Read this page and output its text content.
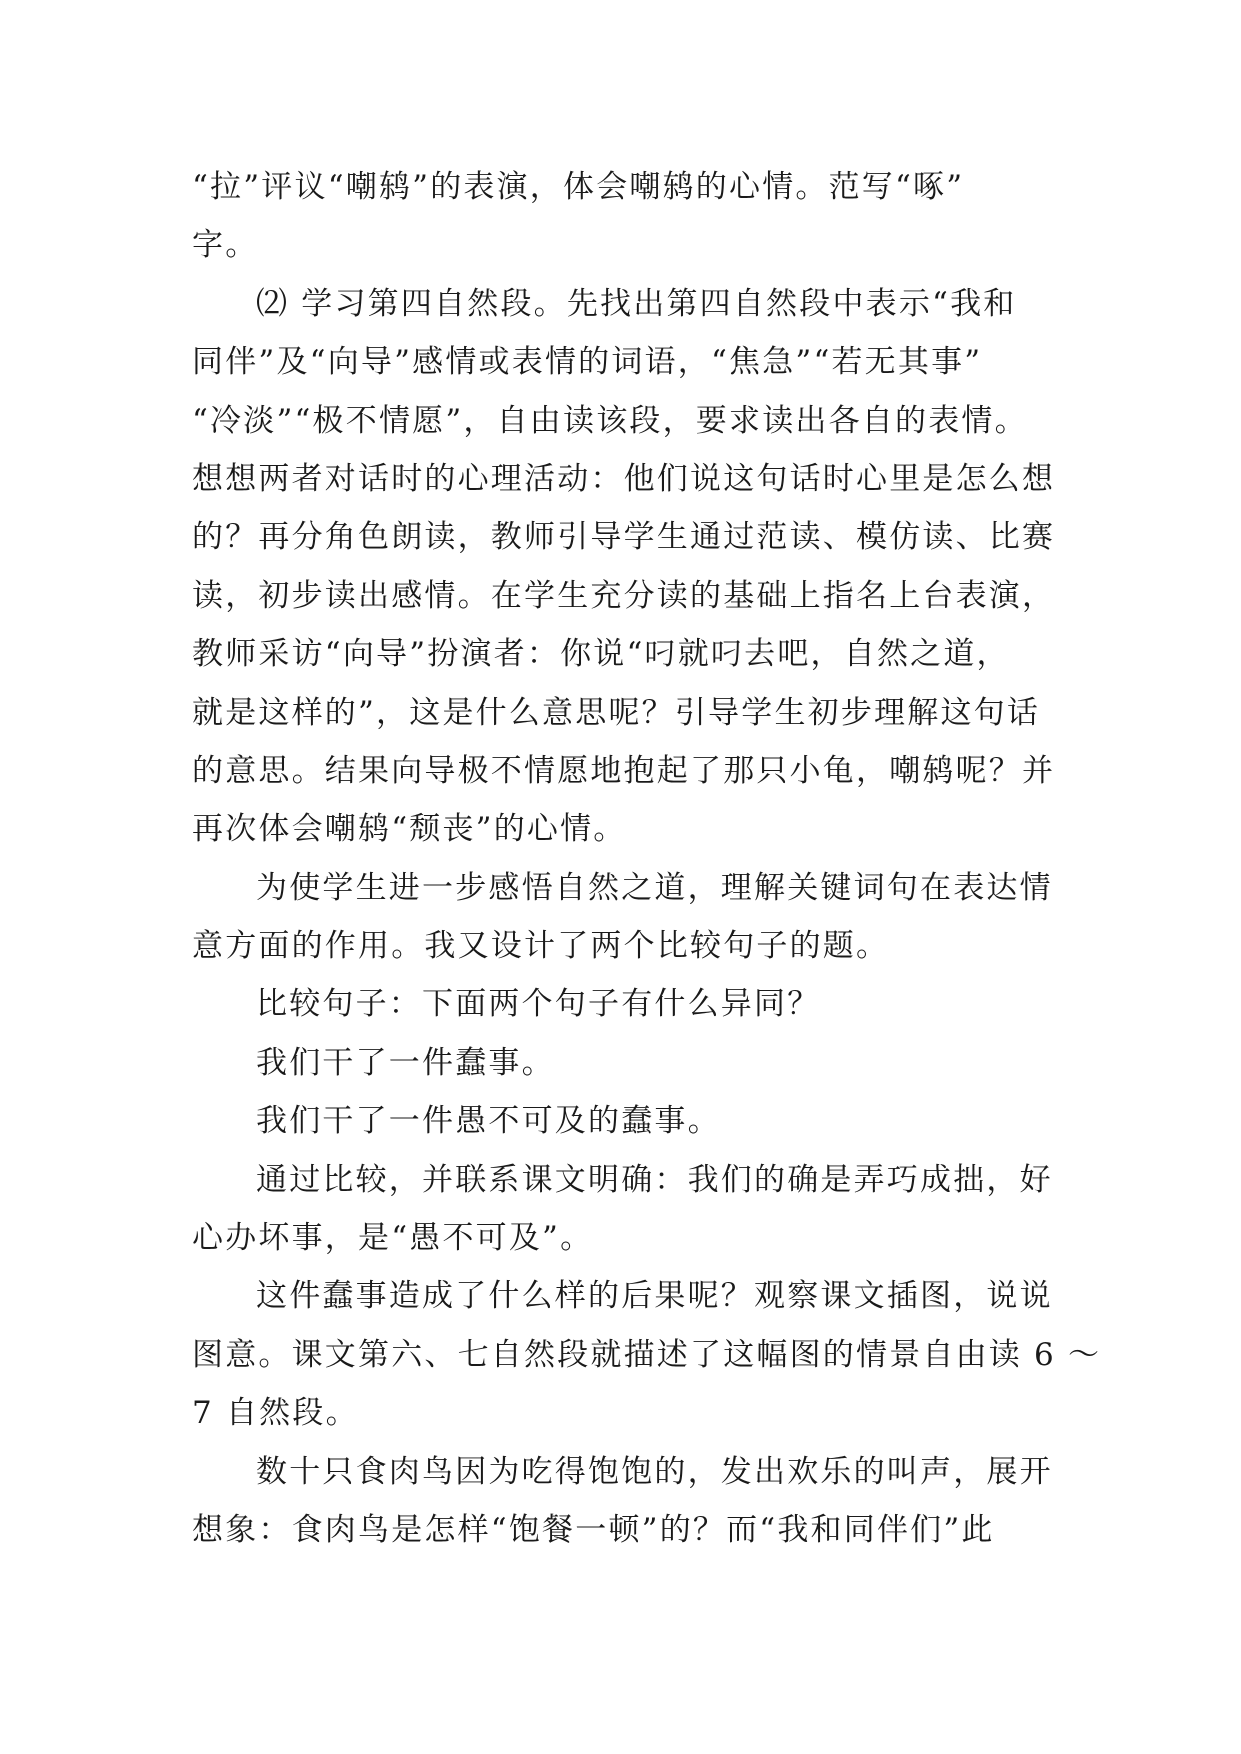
“拉”评议“嘲鸫”的表演，体会嘲鸫的心情。范写“啄”
字。
⑵ 学习第四自然段。先找出第四自然段中表示“我和
同伴”及“向导”感情或表情的词语，“焦急”“若无其事”
“冷淡”“极不情愿”，自由读该段，要求读出各自的表情。
想想两者对话时的心理活动：他们说这句话时心里是怎么想
的？再分角色朗读，教师引导学生通过范读、模仿读、比赛
读，初步读出感情。在学生充分读的基础上指名上台表演，
教师采访“向导”扮演者：你说“叼就叼去吧，自然之道，
就是这样的”，这是什么意思呢？引导学生初步理解这句话
的意思。结果向导极不情愿地抱起了那只小龟，嘲鸫呢？并
再次体会嘲鸫“颓丧”的心情。
为使学生进一步感悟自然之道，理解关键词句在表达情
意方面的作用。我又设计了两个比较句子的题。
比较句子：下面两个句子有什么异同？
我们干了一件蠢事。
我们干了一件愚不可及的蠢事。
通过比较，并联系课文明确：我们的确是弄巧成拙，好
心办坏事，是“愚不可及”。
这件蠢事造成了什么样的后果呢？观察课文插图，说说
图意。课文第六、七自然段就描述了这幅图的情景自由读 6 ～
7 自然段。
数十只食肉鸟因为吃得饱饱的，发出欢乐的叫声，展开
想象：食肉鸟是怎样“饱餐一顿”的？而“我和同伴们”此
